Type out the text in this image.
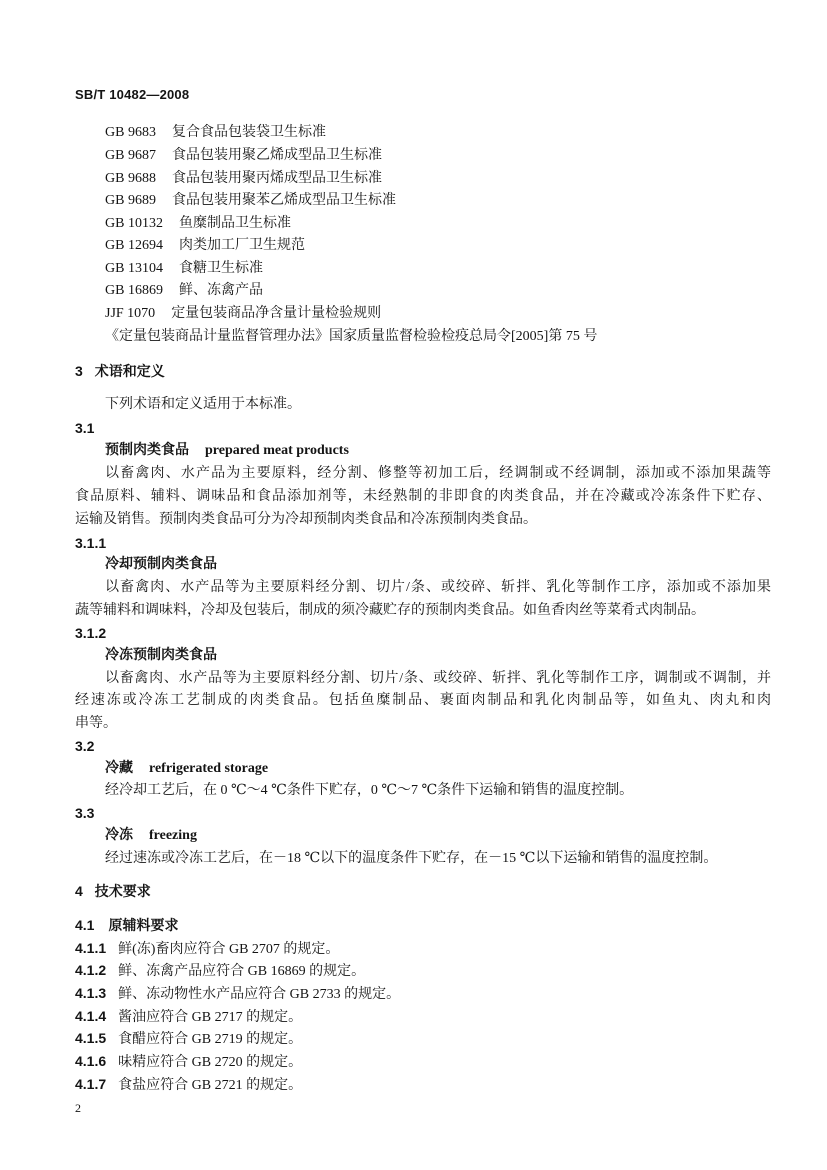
SB/T 10482—2008
GB 9683 复合食品包装袋卫生标准
GB 9687 食品包装用聚乙烯成型品卫生标准
GB 9688 食品包装用聚丙烯成型品卫生标准
GB 9689 食品包装用聚苯乙烯成型品卫生标准
GB 10132 鱼糜制品卫生标准
GB 12694 肉类加工厂卫生规范
GB 13104 食糖卫生标准
GB 16869 鲜、冻禽产品
JJF 1070 定量包装商品净含量计量检验规则
《定量包装商品计量监督管理办法》国家质量监督检验检疫总局令[2005]第 75 号
3 术语和定义
下列术语和定义适用于本标准。
3.1
预制肉类食品 prepared meat products
以畜禽肉、水产品为主要原料，经分割、修整等初加工后，经调制或不经调制，添加或不添加果蔬等
食品原料、辅料、调味品和食品添加剂等，未经熟制的非即食的肉类食品，并在冷藏或冷冻条件下贮存、
运输及销售。预制肉类食品可分为冷却预制肉类食品和冷冻预制肉类食品。
3.1.1
冷却预制肉类食品
以畜禽肉、水产品等为主要原料经分割、切片/条、或绞碎、斩拌、乳化等制作工序，添加或不添加果
蔬等辅料和调味料，冷却及包装后，制成的须冷藏贮存的预制肉类食品。如鱼香肉丝等菜肴式肉制品。
3.1.2
冷冻预制肉类食品
以畜禽肉、水产品等为主要原料经分割、切片/条、或绞碎、斩拌、乳化等制作工序，调制或不调制，并
经速冻或冷冻工艺制成的肉类食品。包括鱼糜制品、裹面肉制品和乳化肉制品等，如鱼丸、肉丸和肉
串等。
3.2
冷藏 refrigerated storage
经冷却工艺后，在 0 ℃～4 ℃条件下贮存，0 ℃～7 ℃条件下运输和销售的温度控制。
3.3
冷冻 freezing
经过速冻或冷冻工艺后，在－18 ℃以下的温度条件下贮存，在－15 ℃以下运输和销售的温度控制。
4 技术要求
4.1 原辅料要求
4.1.1 鲜(冻)畜肉应符合 GB 2707 的规定。
4.1.2 鲜、冻禽产品应符合 GB 16869 的规定。
4.1.3 鲜、冻动物性水产品应符合 GB 2733 的规定。
4.1.4 酱油应符合 GB 2717 的规定。
4.1.5 食醋应符合 GB 2719 的规定。
4.1.6 味精应符合 GB 2720 的规定。
4.1.7 食盐应符合 GB 2721 的规定。
2
